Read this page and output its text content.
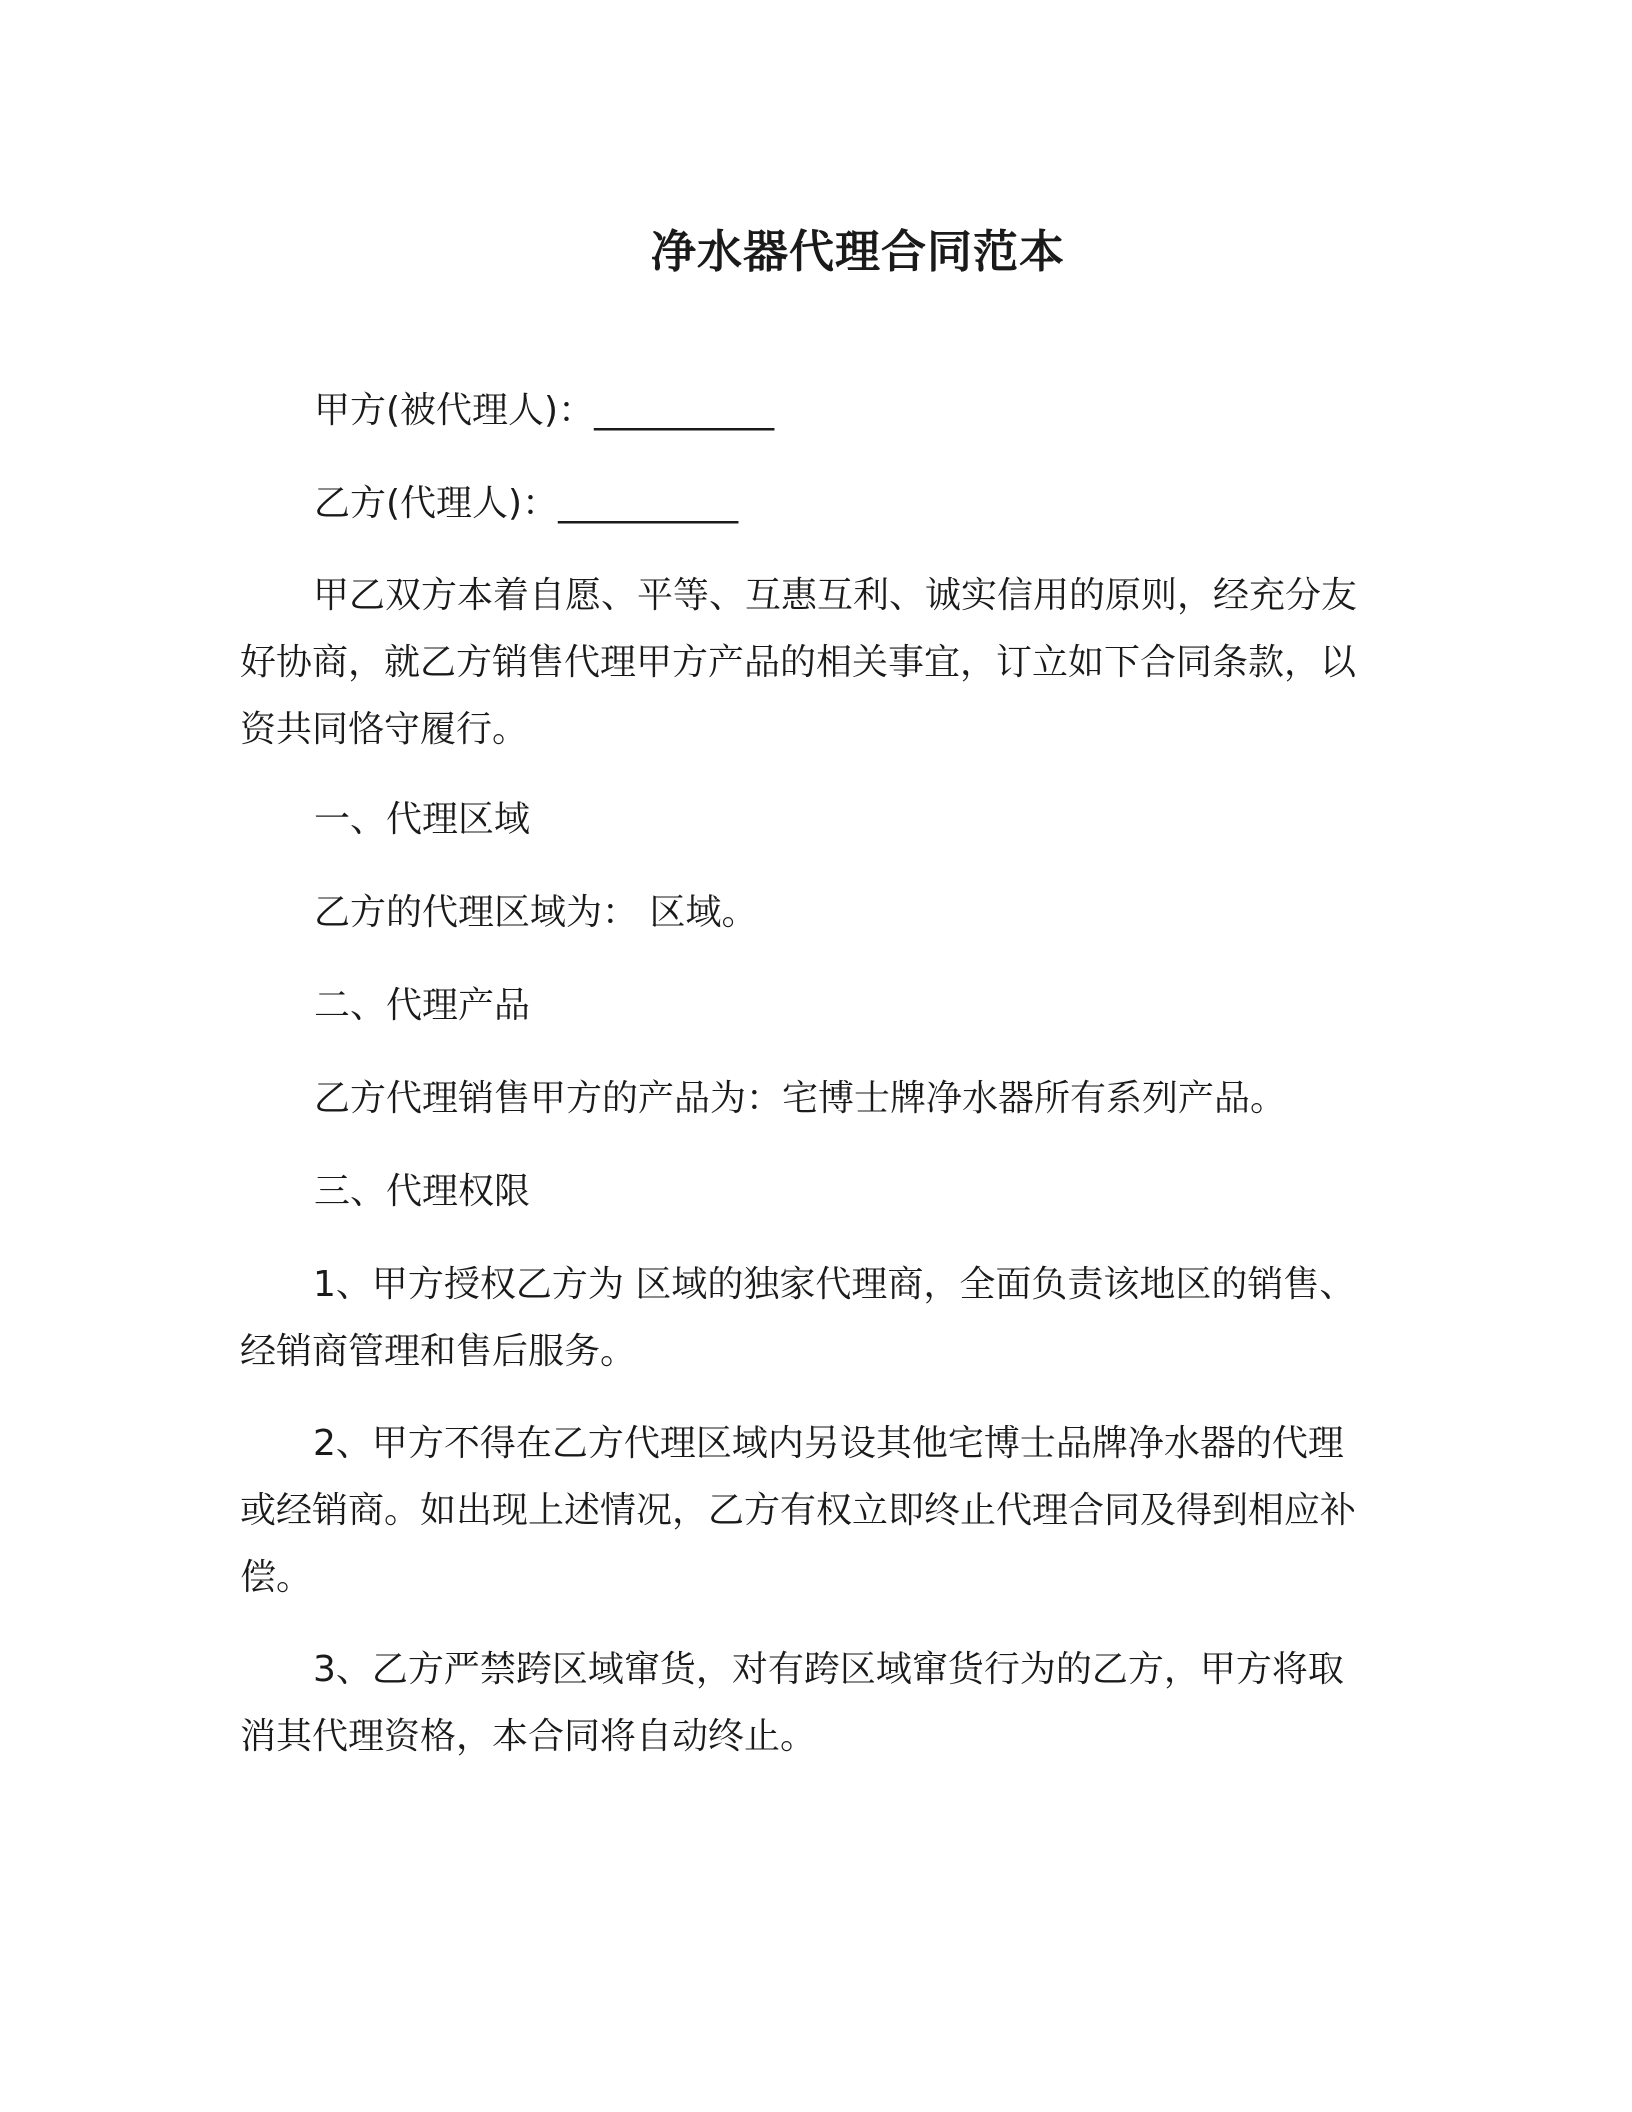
净水器代理合同范本
甲方(被代理人)：__________
乙方(代理人)：__________

甲乙双方本着自愿、平等、互惠互利、诚实信用的原则，经充分友好协商，就乙方销售代理甲方产品的相关事宜，订立如下合同条款，以资共同恪守履行。

一、代理区域
乙方的代理区域为： 区域。
二、代理产品
乙方代理销售甲方的产品为：宅博士牌净水器所有系列产品。
三、代理权限

1、甲方授权乙方为 区域的独家代理商，全面负责该地区的销售、经销商管理和售后服务。

2、甲方不得在乙方代理区域内另设其他宅博士品牌净水器的代理或经销商。如出现上述情况，乙方有权立即终止代理合同及得到相应补偿。

3、乙方严禁跨区域窜货，对有跨区域窜货行为的乙方，甲方将取消其代理资格，本合同将自动终止。
